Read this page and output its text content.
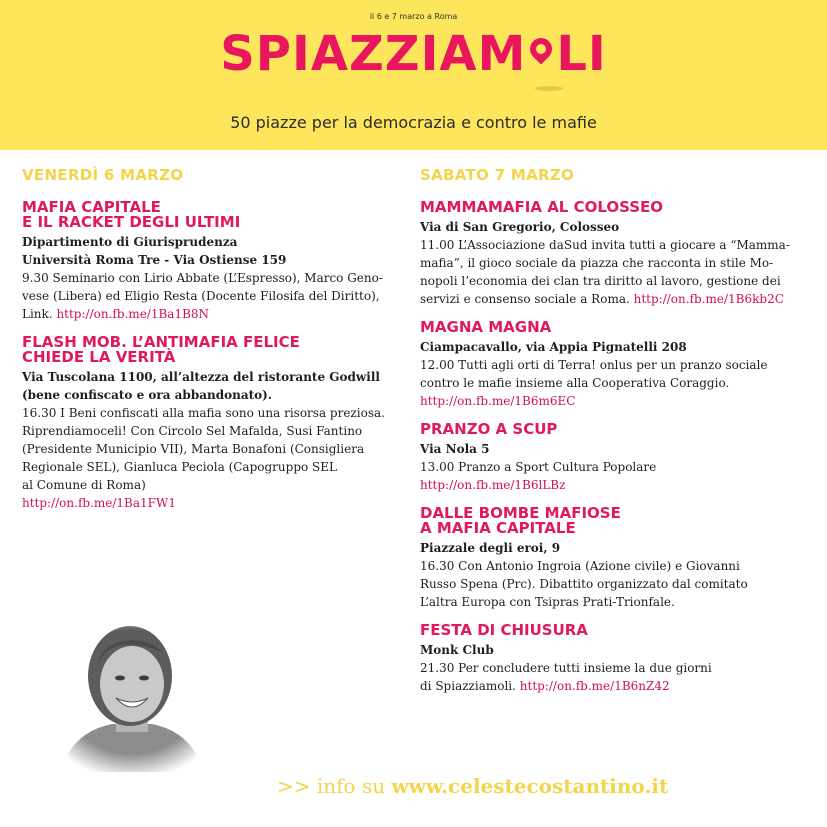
il 6 e 7 marzo a Roma
SPIAZZIAM LI
50 piazze per la democrazia e contro le mafie
VENERDÌ 6 MARZO
MAFIA CAPITALE
E IL RACKET DEGLI ULTIMI
Dipartimento di Giurisprudenza
Università Roma Tre - Via Ostiense 159
9.30 Seminario con Lirio Abbate (L’Espresso), Marco Geno-
vese (Libera) ed Eligio Resta (Docente Filosifa del Diritto),
Link. http://on.fb.me/1Ba1B8N
FLASH MOB. L’ANTIMAFIA FELICE
CHIEDE LA VERITÀ
Via Tuscolana 1100, all’altezza del ristorante Godwill
(bene confiscato e ora abbandonato).
16.30 I Beni confiscati alla mafia sono una risorsa preziosa.
Riprendiamoceli! Con Circolo Sel Mafalda, Susi Fantino
(Presidente Municipio VII), Marta Bonafoni (Consigliera
Regionale SEL), Gianluca Peciola (Capogruppo SEL
al Comune di Roma)
http://on.fb.me/1Ba1FW1
SABATO 7 MARZO
MAMMAMAFIA AL COLOSSEO
Via di San Gregorio, Colosseo
11.00 L’Associazione daSud invita tutti a giocare a “Mamma-
mafia”, il gioco sociale da piazza che racconta in stile Mo-
nopoli l’economia dei clan tra diritto al lavoro, gestione dei
servizi e consenso sociale a Roma. http://on.fb.me/1B6kb2C
MAGNA MAGNA
Ciampacavallo, via Appia Pignatelli 208
12.00 Tutti agli orti di Terra! onlus per un pranzo sociale
contro le mafie insieme alla Cooperativa Coraggio.
http://on.fb.me/1B6m6EC
PRANZO A SCUP
Via Nola 5
13.00 Pranzo a Sport Cultura Popolare
http://on.fb.me/1B6lLBz
DALLE BOMBE MAFIOSE
A MAFIA CAPITALE
Piazzale degli eroi, 9
16.30 Con Antonio Ingroia (Azione civile) e Giovanni
Russo Spena (Prc). Dibattito organizzato dal comitato
L’altra Europa con Tsipras Prati-Trionfale.
FESTA DI CHIUSURA
Monk Club
21.30 Per concludere tutti insieme la due giorni
di Spiazziamoli. http://on.fb.me/1B6nZ42
>> info su www.celestecostantino.it
